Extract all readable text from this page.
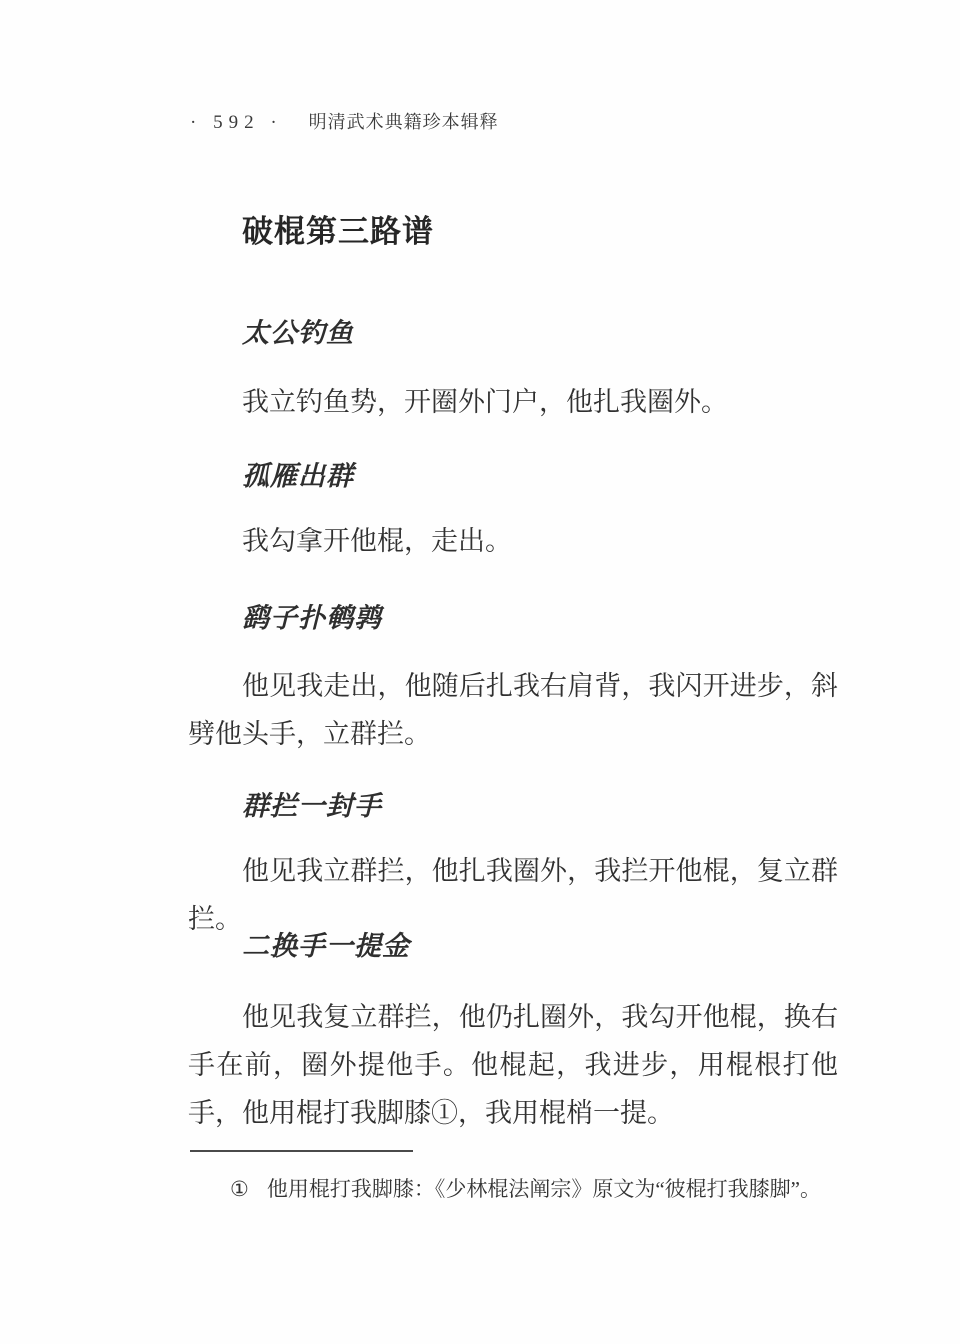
· 592 · 明清武术典籍珍本辑释
破棍第三路谱
太公钓鱼

我立钓鱼势，开圈外门户，他扎我圈外。

孤雁出群

我勾拿开他棍，走出。

鹞子扑鹌鹑

他见我走出，他随后扎我右肩背，我闪开进步，斜劈他头手，立群拦。

群拦一封手

他见我立群拦，他扎我圈外，我拦开他棍，复立群拦。

二换手一提金

他见我复立群拦，他仍扎圈外，我勾开他棍，换右手在前，圈外提他手。他棍起，我进步，用棍根打他手，他用棍打我脚膝①，我用棍梢一提。

① 他用棍打我脚膝：《少林棍法阐宗》原文为“彼棍打我膝脚”。
